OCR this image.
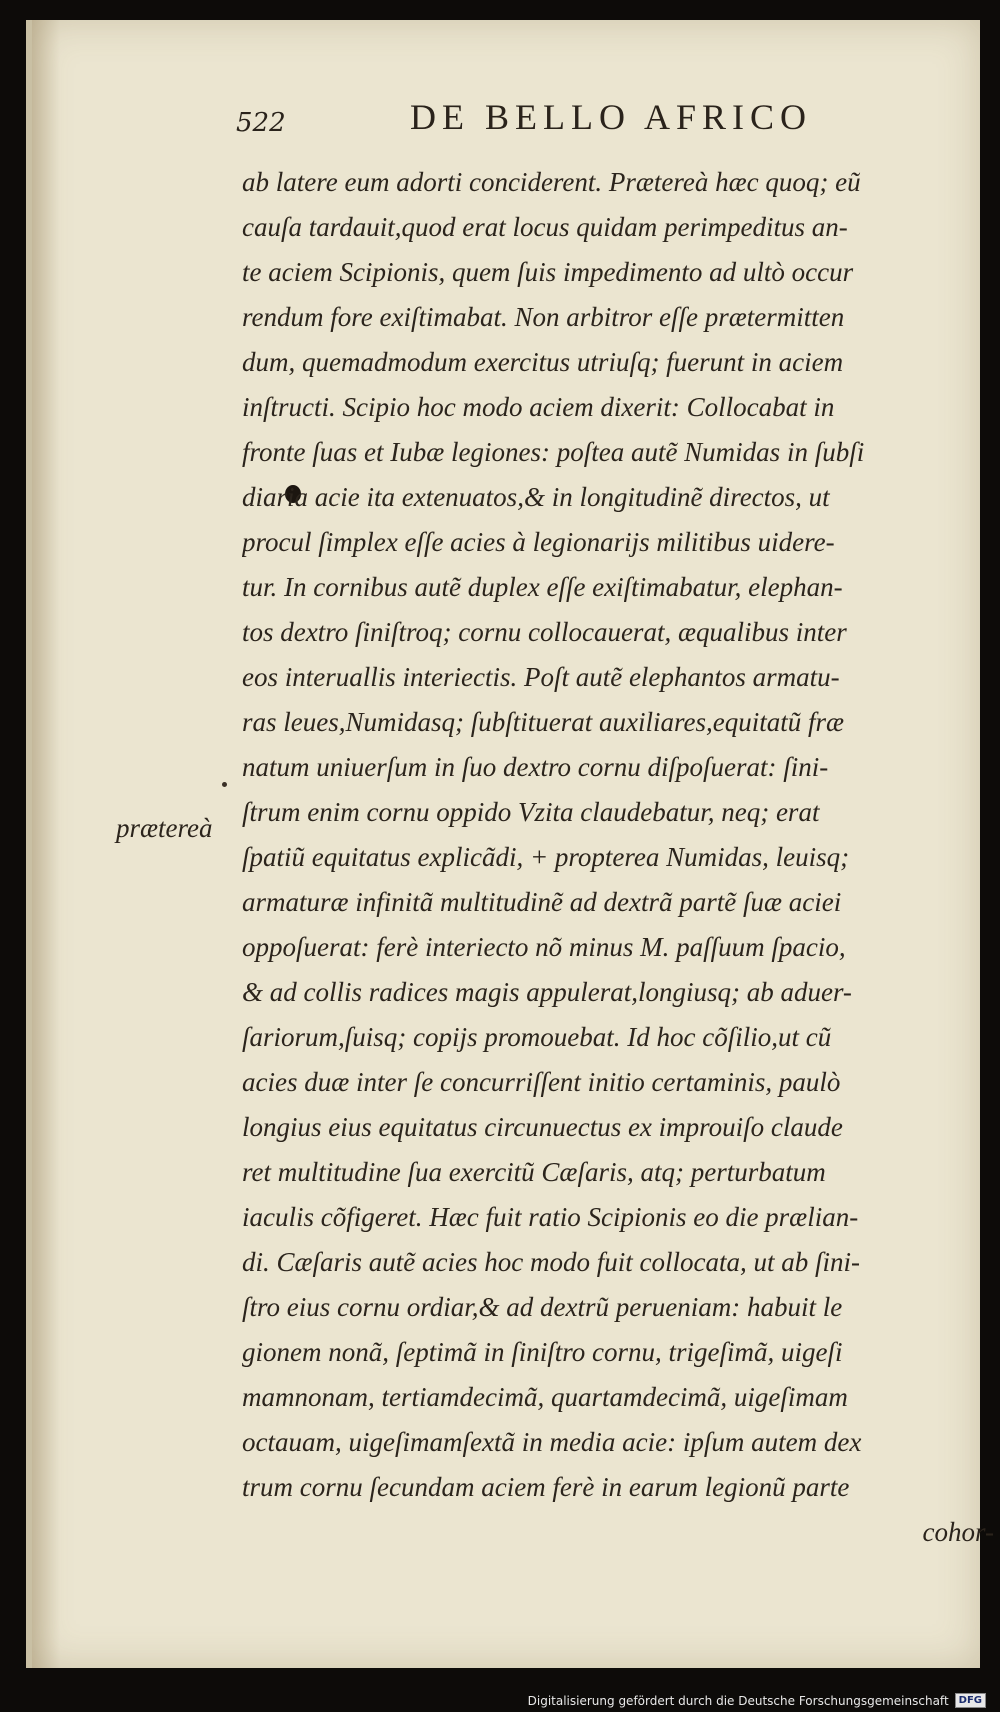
522	DE BELLO AFRICO
prætereà
ab latere eum adorti conciderent. Prætereà hæc quoq; eũ
cauſa tardauit,quod erat locus quidam perimpeditus an-
te aciem Scipionis, quem ſuis impedimento ad ultò occur
rendum fore exiſtimabat. Non arbitror eſſe prætermitten
dum, quemadmodum exercitus utriuſq; fuerunt in aciem
inſtructi. Scipio hoc modo aciem dixerit: Collocabat in
fronte ſuas et Iubæ legiones: poſtea autẽ Numidas in ſubſi
diaria acie ita extenuatos,& in longitudinẽ directos, ut
procul ſimplex eſſe acies à legionarijs militibus uidere-
tur. In cornibus autẽ duplex eſſe exiſtimabatur, elephan-
tos dextro ſiniſtroq; cornu collocauerat, æqualibus inter
eos interuallis interiectis. Poſt autẽ elephantos armatu-
ras leues,Numidasq; ſubſtituerat auxiliares,equitatũ fræ
natum uniuerſum in ſuo dextro cornu diſpoſuerat: ſini-
ſtrum enim cornu oppido Vzita claudebatur, neq; erat
ſpatiũ equitatus explicãdi, + propterea Numidas, leuisq;
armaturæ infinitã multitudinẽ ad dextrã partẽ ſuæ aciei
oppoſuerat: ferè interiecto nõ minus M. paſſuum ſpacio,
& ad collis radices magis appulerat,longiusq; ab aduer-
ſariorum,ſuisq; copijs promouebat. Id hoc cõſilio,ut cũ
acies duæ inter ſe concurriſſent initio certaminis, paulò
longius eius equitatus circunuectus ex improuiſo claude
ret multitudine ſua exercitũ Cæſaris, atq; perturbatum
iaculis cõfigeret. Hæc fuit ratio Scipionis eo die prælian-
di. Cæſaris autẽ acies hoc modo fuit collocata, ut ab ſini-
ſtro eius cornu ordiar,& ad dextrũ perueniam: habuit le
gionem nonã, ſeptimã in ſiniſtro cornu, trigeſimã, uigeſi
mamnonam, tertiamdecimã, quartamdecimã, uigeſimam
octauam, uigeſimamſextã in media acie: ipſum autem dex
trum cornu ſecundam aciem ferè in earum legionũ parte
cohor-
Digitalisierung gefördert durch die Deutsche Forschungsgemeinschaft	DFG
